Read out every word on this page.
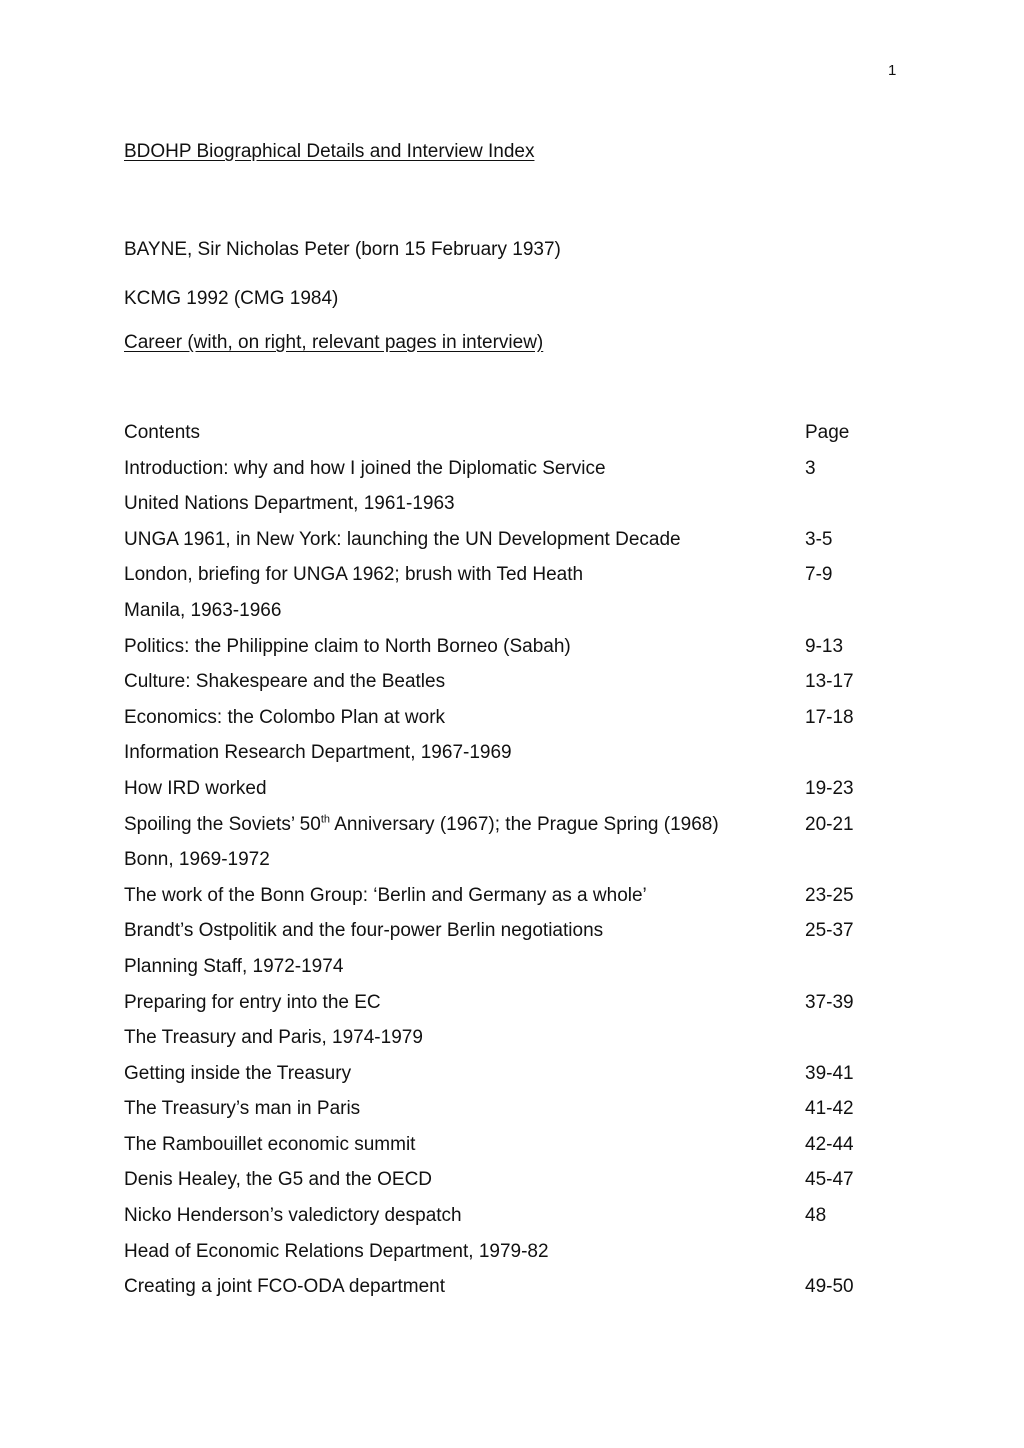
1
BDOHP Biographical Details and Interview Index
BAYNE, Sir Nicholas Peter (born 15 February 1937)
KCMG 1992 (CMG 1984)
Career (with, on right, relevant pages in interview)
Contents	Page
Introduction: why and how I joined the Diplomatic Service	3
United Nations Department, 1961-1963
UNGA 1961, in New York: launching the UN Development Decade	3-5
London, briefing for UNGA 1962; brush with Ted Heath	7-9
Manila, 1963-1966
Politics: the Philippine claim to North Borneo (Sabah)	9-13
Culture: Shakespeare and the Beatles	13-17
Economics: the Colombo Plan at work	17-18
Information Research Department, 1967-1969
How IRD worked	19-23
Spoiling the Soviets’ 50th Anniversary (1967); the Prague Spring (1968)	20-21
Bonn, 1969-1972
The work of the Bonn Group: ‘Berlin and Germany as a whole’	23-25
Brandt’s Ostpolitik and the four-power Berlin negotiations	25-37
Planning Staff, 1972-1974
Preparing for entry into the EC	37-39
The Treasury and Paris, 1974-1979
Getting inside the Treasury	39-41
The Treasury’s man in Paris	41-42
The Rambouillet economic summit	42-44
Denis Healey, the G5 and the OECD	45-47
Nicko Henderson’s valedictory despatch	48
Head of Economic Relations Department, 1979-82
Creating a joint FCO-ODA department	49-50
